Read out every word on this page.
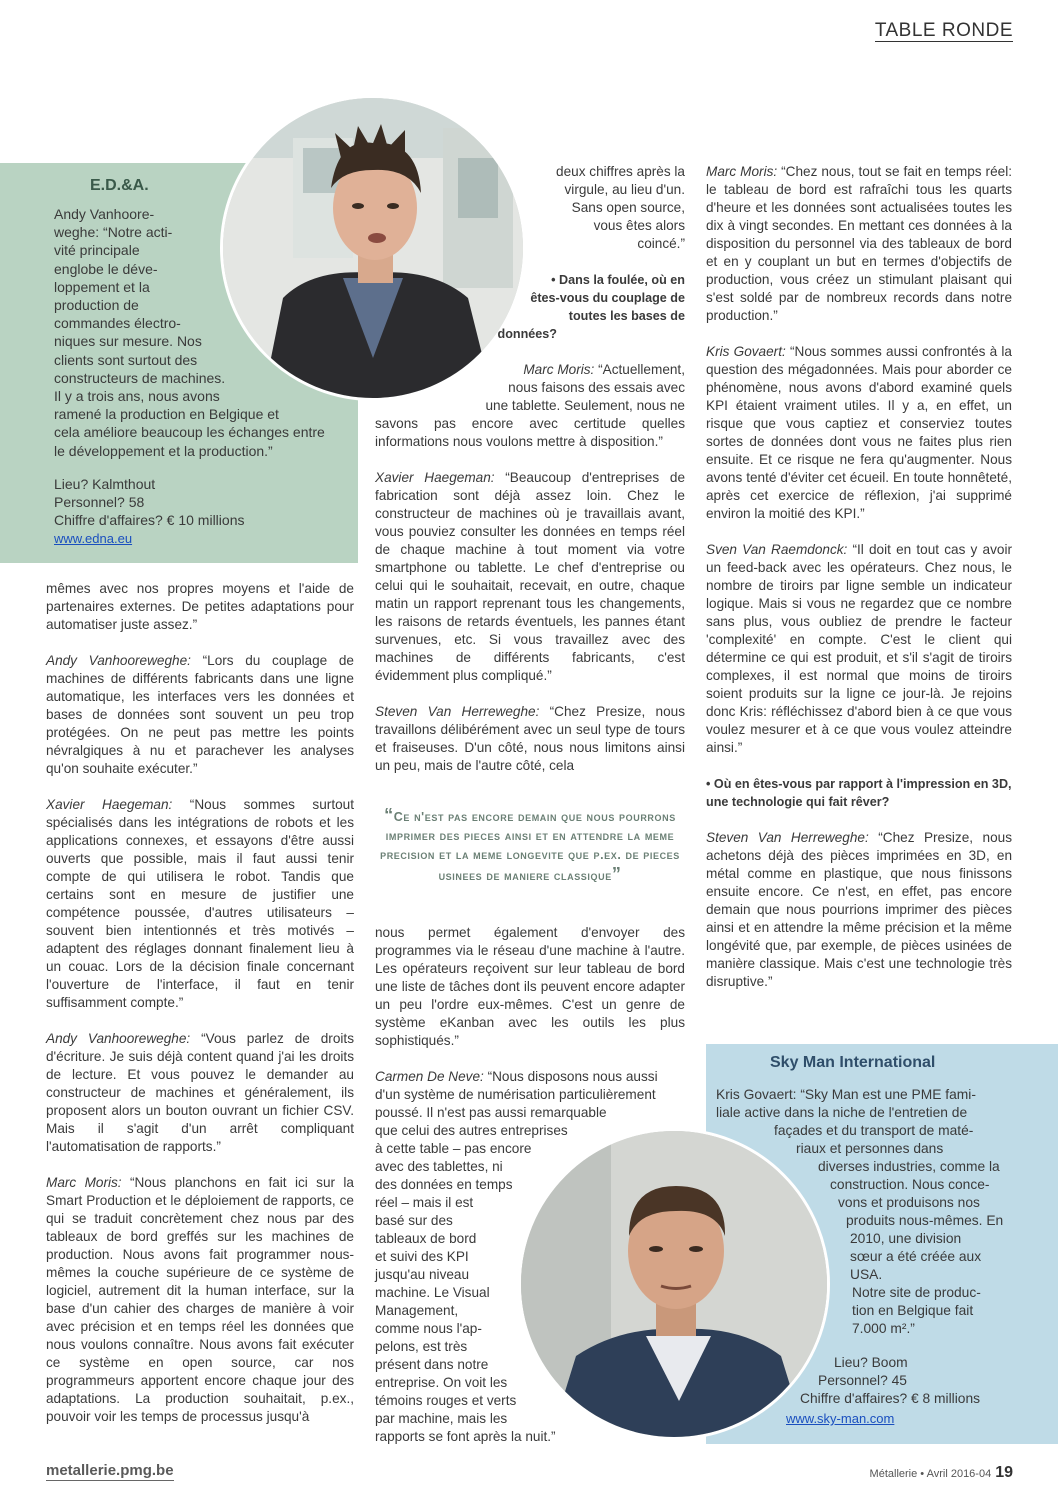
TABLE RONDE
E.D.&A.
Andy Vanhoore-
weghe: “Notre acti-
vité principale
englobe le déve-
loppement et la
production de
commandes électro-
niques sur mesure. Nos
clients sont surtout des
constructeurs de machines.
Il y a trois ans, nous avons
ramené la production en Belgique et
cela améliore beaucoup les échanges entre
le développement et la production.”
Lieu? Kalmthout
Personnel? 58
Chiffre d'affaires? € 10 millions
www.edna.eu

mêmes avec nos propres moyens et l'aide de partenaires externes. De petites adaptations pour automatiser juste assez.”

Andy Vanhooreweghe: “Lors du couplage de machines de différents fabricants dans une ligne automatique, les interfaces vers les données et bases de données sont souvent un peu trop protégées. On ne peut pas mettre les points névralgiques à nu et parachever les analyses qu'on souhaite exécuter.”

Xavier Haegeman: “Nous sommes surtout spécialisés dans les intégrations de robots et les applications connexes, et essayons d'être aussi ouverts que possible, mais il faut aussi tenir compte de qui utilisera le robot. Tandis que certains sont en mesure de justifier une compétence poussée, d'autres utilisateurs – souvent bien intentionnés et très motivés – adaptent des réglages donnant finalement lieu à un couac. Lors de la décision finale concernant l'ouverture de l'interface, il faut en tenir suffisamment compte.”

Andy Vanhooreweghe: “Vous parlez de droits d'écriture. Je suis déjà content quand j'ai les droits de lecture. Et vous pouvez le demander au constructeur de machines et généralement, ils proposent alors un bouton ouvrant un fichier CSV. Mais il s'agit d'un arrêt compliquant l'automatisation de rapports.”

Marc Moris: “Nous planchons en fait ici sur la Smart Production et le déploiement de rapports, ce qui se traduit concrètement chez nous par des tableaux de bord greffés sur les machines de production. Nous avons fait programmer nous-mêmes la couche supérieure de ce système de logiciel, autrement dit la human interface, sur la base d'un cahier des charges de manière à voir avec précision et en temps réel les données que nous voulons connaître. Nous avons fait exécuter ce système en open source, car nos programmeurs apportent encore chaque jour des adaptations. La production souhaitait, p.ex., pouvoir voir les temps de processus jusqu'à

deux chiffres après la
virgule, au lieu d'un.
Sans open source,
vous êtes alors
coincé.”
• Dans la foulée, où en
êtes-vous du couplage de
toutes les bases de
données?
Marc Moris: “Actuellement,
nous faisons des essais avec
une tablette. Seulement, nous ne

savons pas encore avec certitude quelles informations nous voulons mettre à disposition.”

Xavier Haegeman: “Beaucoup d'entreprises de fabrication sont déjà assez loin. Chez le constructeur de machines où je travaillais avant, vous pouviez consulter les données en temps réel de chaque machine à tout moment via votre smartphone ou tablette. Le chef d'entreprise ou celui qui le souhaitait, recevait, en outre, chaque matin un rapport reprenant tous les changements, les raisons de retards éventuels, les pannes étant survenues, etc. Si vous travaillez avec des machines de différents fabricants, c'est évidemment plus compliqué.”

Steven Van Herreweghe: “Chez Presize, nous travaillons délibérément avec un seul type de tours et fraiseuses. D'un côté, nous nous limitons ainsi un peu, mais de l'autre côté, cela

“Ce n'est pas encore demain que nous pourrons imprimer des pieces ainsi et en attendre la meme precision et la meme longevite que p.ex. de pieces usinees de maniere classique”

nous permet également d'envoyer des programmes via le réseau d'une machine à l'autre. Les opérateurs reçoivent sur leur tableau de bord une liste de tâches dont ils peuvent encore adapter un peu l'ordre eux-mêmes. C'est un genre de système eKanban avec les outils les plus sophistiqués.”

Carmen De Neve: “Nous disposons nous aussi
d'un système de numérisation particulièrement
poussé. Il n'est pas aussi remarquable
que celui des autres entreprises
à cette table – pas encore
avec des tablettes, ni
des données en temps
réel – mais il est
basé sur des
tableaux de bord
et suivi des KPI
jusqu'au niveau
machine. Le Visual
Management,
comme nous l'ap-
pelons, est très
présent dans notre
entreprise. On voit les
témoins rouges et verts
par machine, mais les
rapports se font après la nuit.”

Marc Moris: “Chez nous, tout se fait en temps réel: le tableau de bord est rafraîchi tous les quarts d'heure et les données sont actualisées toutes les dix à vingt secondes. En mettant ces données à la disposition du personnel via des tableaux de bord et en y couplant un but en termes d'objectifs de production, vous créez un stimulant plaisant qui s'est soldé par de nombreux records dans notre production.”

Kris Govaert: “Nous sommes aussi confrontés à la question des mégadonnées. Mais pour aborder ce phénomène, nous avons d'abord examiné quels KPI étaient vraiment utiles. Il y a, en effet, un risque que vous captiez et conserviez toutes sortes de données dont vous ne faites plus rien ensuite. Et ce risque ne fera qu'augmenter. Nous avons tenté d'éviter cet écueil. En toute honnêteté, après cet exercice de réflexion, j'ai supprimé environ la moitié des KPI.”

Sven Van Raemdonck: “Il doit en tout cas y avoir un feed-back avec les opérateurs. Chez nous, le nombre de tiroirs par ligne semble un indicateur logique. Mais si vous ne regardez que ce nombre sans plus, vous oubliez de prendre le facteur 'complexité' en compte. C'est le client qui détermine ce qui est produit, et s'il s'agit de tiroirs complexes, il est normal que moins de tiroirs soient produits sur la ligne ce jour-là. Je rejoins donc Kris: réfléchissez d'abord bien à ce que vous voulez mesurer et à ce que vous voulez atteindre ainsi.”

• Où en êtes-vous par rapport à l'impression en 3D, une technologie qui fait rêver?

Steven Van Herreweghe: “Chez Presize, nous achetons déjà des pièces imprimées en 3D, en métal comme en plastique, que nous finissons ensuite encore. Ce n'est, en effet, pas encore demain que nous pourrions imprimer des pièces ainsi et en attendre la même précision et la même longévité que, par exemple, de pièces usinées de manière classique. Mais c'est une technologie très disruptive.”

Sky Man International
Kris Govaert: “Sky Man est une PME fami-
liale active dans la niche de l'entretien de
façades et du transport de maté-
riaux et personnes dans
diverses industries, comme la
construction. Nous conce-
vons et produisons nos
produits nous-mêmes. En
2010, une division
sœur a été créée aux
USA.
Notre site de produc-
tion en Belgique fait
7.000 m².”
Lieu? Boom
Personnel? 45
Chiffre d'affaires? € 8 millions
www.sky-man.com
metallerie.pmg.be	Métallerie • Avril 2016-04 19
